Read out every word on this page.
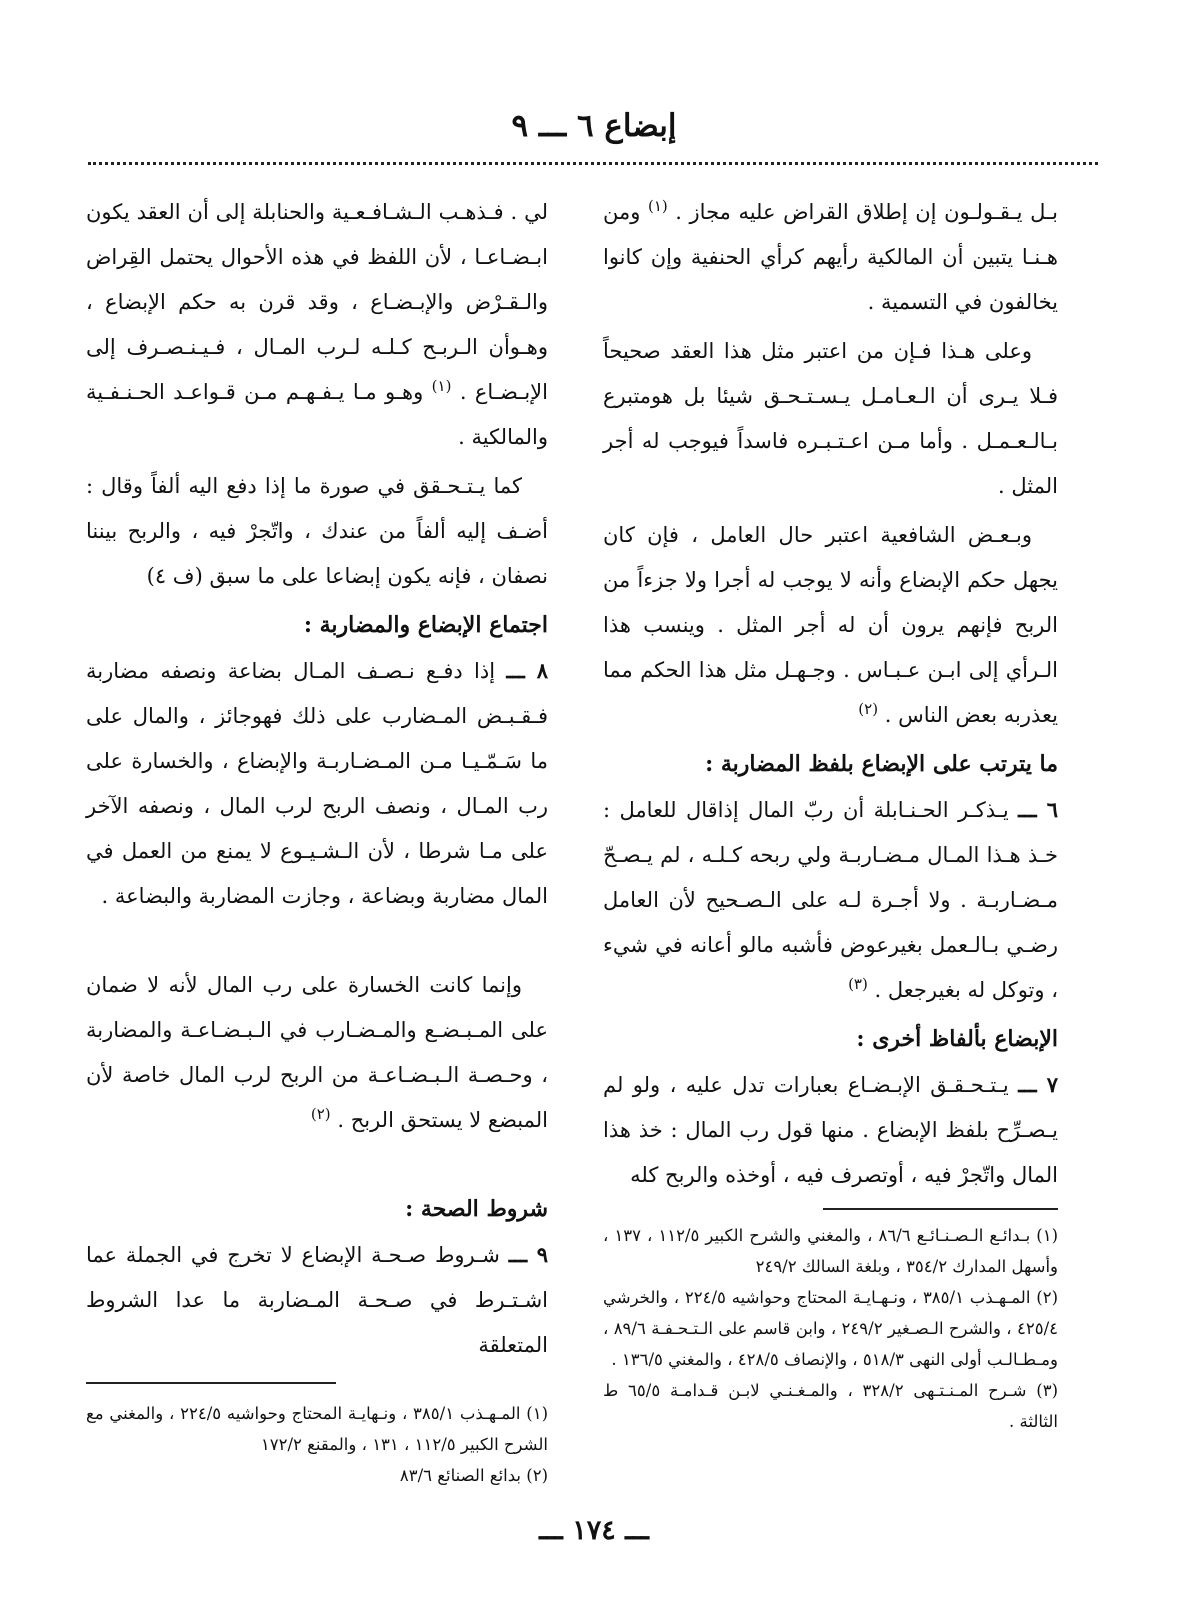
إبضاع ٦ ـــ ٩

بـل يـقـولـون إن إطلاق القراض عليه مجاز . $^{(١)}$ ومن هـنـا يتبين أن المالكية رأيهم كرأي الحنفية وإن كانوا يخالفون في التسمية .

وعلى هـذا فـإن من اعتبر مثل هذا العقد صحيحاً فـلا يـرى أن الـعـامـل يـسـتـحـق شيئا بل هومتبرع بـالـعـمـل . وأما مـن اعـتـبـره فاسداً فيوجب له أجر المثل .

وبـعـض الشافعية اعتبر حال العامل ، فإن كان يجهل حكم الإبضاع وأنه لا يوجب له أجرا ولا جزءاً من الربح فإنهم يرون أن له أجر المثل . وينسب هذا الـرأي إلى ابـن عـبـاس . وجـهـل مثل هذا الحكم مما يعذربه بعض الناس . $^{(٢)}$

ما يترتب على الإبضاع بلفظ المضاربة :

٦ ـــ يـذكـر الحـنـابلة أن ربّ المال إذاقال للعامل : خـذ هـذا المـال مـضـاربـة ولي ربحه كـلـه ، لم يـصـحّ مـضـاربـة . ولا أجـرة لـه على الـصـحيح لأن العامل رضـي بـالـعمل بغيرعوض فأشبه مالو أعانه في شيء ، وتوكل له بغيرجعل . $^{(٣)}$

الإبضاع بألفاظ أخرى :

٧ ـــ يـتـحـقـق الإبـضـاع بعبارات تدل عليه ، ولو لم يـصـرِّح بلفظ الإبضاع . منها قول رب المال : خذ هذا المال واتّجرْ فيه ، أوتصرف فيه ، أوخذه والربح كله

(١) بـدائـع الـصـنـائـع ٨٦/٦ ، والمغني والشرح الكبير ١١٢/٥ ، ١٣٧ ، وأسهل المدارك ٣٥٤/٢ ، وبلغة السالك ٢٤٩/٢
(٢) المـهـذب ٣٨٥/١ ، ونـهـايـة المحتاج وحواشيه ٢٢٤/٥ ، والخرشي ٤٢٥/٤ ، والشرح الـصـغير ٢٤٩/٢ ، وابن قاسم على الـتـحـفـة ٨٩/٦ ، ومـطـالـب أولى النهى ٥١٨/٣ ، والإنصاف ٤٢٨/٥ ، والمغني ١٣٦/٥ .
(٣) شـرح المـنـتـهى ٣٢٨/٢ ، والمـغـنـي لابـن قـدامـة ٦٥/٥ ط الثالثة .

لي . فـذهـب الـشـافـعـية والحنابلة إلى أن العقد يكون ابـضـاعـا ، لأن اللفظ في هذه الأحوال يحتمل القِراض والـقـرْض والإبـضـاع ، وقد قرن به حكم الإبضاع ، وهـوأن الـربـح كـلـه لـرب المـال ، فـيـنـصـرف إلى الإبـضـاع . $^{(١)}$ وهـو مـا يـفـهـم مـن قـواعـد الحـنـفـية والمالكية .

كما يـتـحـقق في صورة ما إذا دفع اليه ألفاً وقال : أضـف إليه ألفاً من عندك ، واتّجرْ فيه ، والربح بيننا نصفان ، فإنه يكون إبضاعا على ما سبق (ف ٤)

اجتماع الإبضاع والمضاربة :

٨ ـــ إذا دفـع نـصـف المـال بضاعة ونصفه مضاربة فـقـبـض المـضارب على ذلك فهوجائز ، والمال على ما سَـمّـيـا مـن المـضـاربـة والإبضاع ، والخسارة على رب المـال ، ونصف الربح لرب المال ، ونصفه الآخر على مـا شرطا ، لأن الـشـيـوع لا يمنع من العمل في المال مضاربة وبضاعة ، وجازت المضاربة والبضاعة .

وإنما كانت الخسارة على رب المال لأنه لا ضمان على المـبـضـع والمـضـارب في الـبـضـاعـة والمضاربة ، وحـصـة الـبـضـاعـة من الربح لرب المال خاصة لأن المبضع لا يستحق الربح . $^{(٢)}$

شروط الصحة :

٩ ـــ شـروط صـحـة الإبضاع لا تخرج في الجملة عما اشـتـرط في صـحـة المـضاربة ما عدا الشروط المتعلقة

(١) المـهـذب ٣٨٥/١ ، ونـهايـة المحتاج وحواشيه ٢٢٤/٥ ، والمغني مع الشرح الكبير ١١٢/٥ ، ١٣١ ، والمقنع ١٧٢/٢
(٢) بدائع الصنائع ٨٣/٦
ـــ ١٧٤ ـــ
